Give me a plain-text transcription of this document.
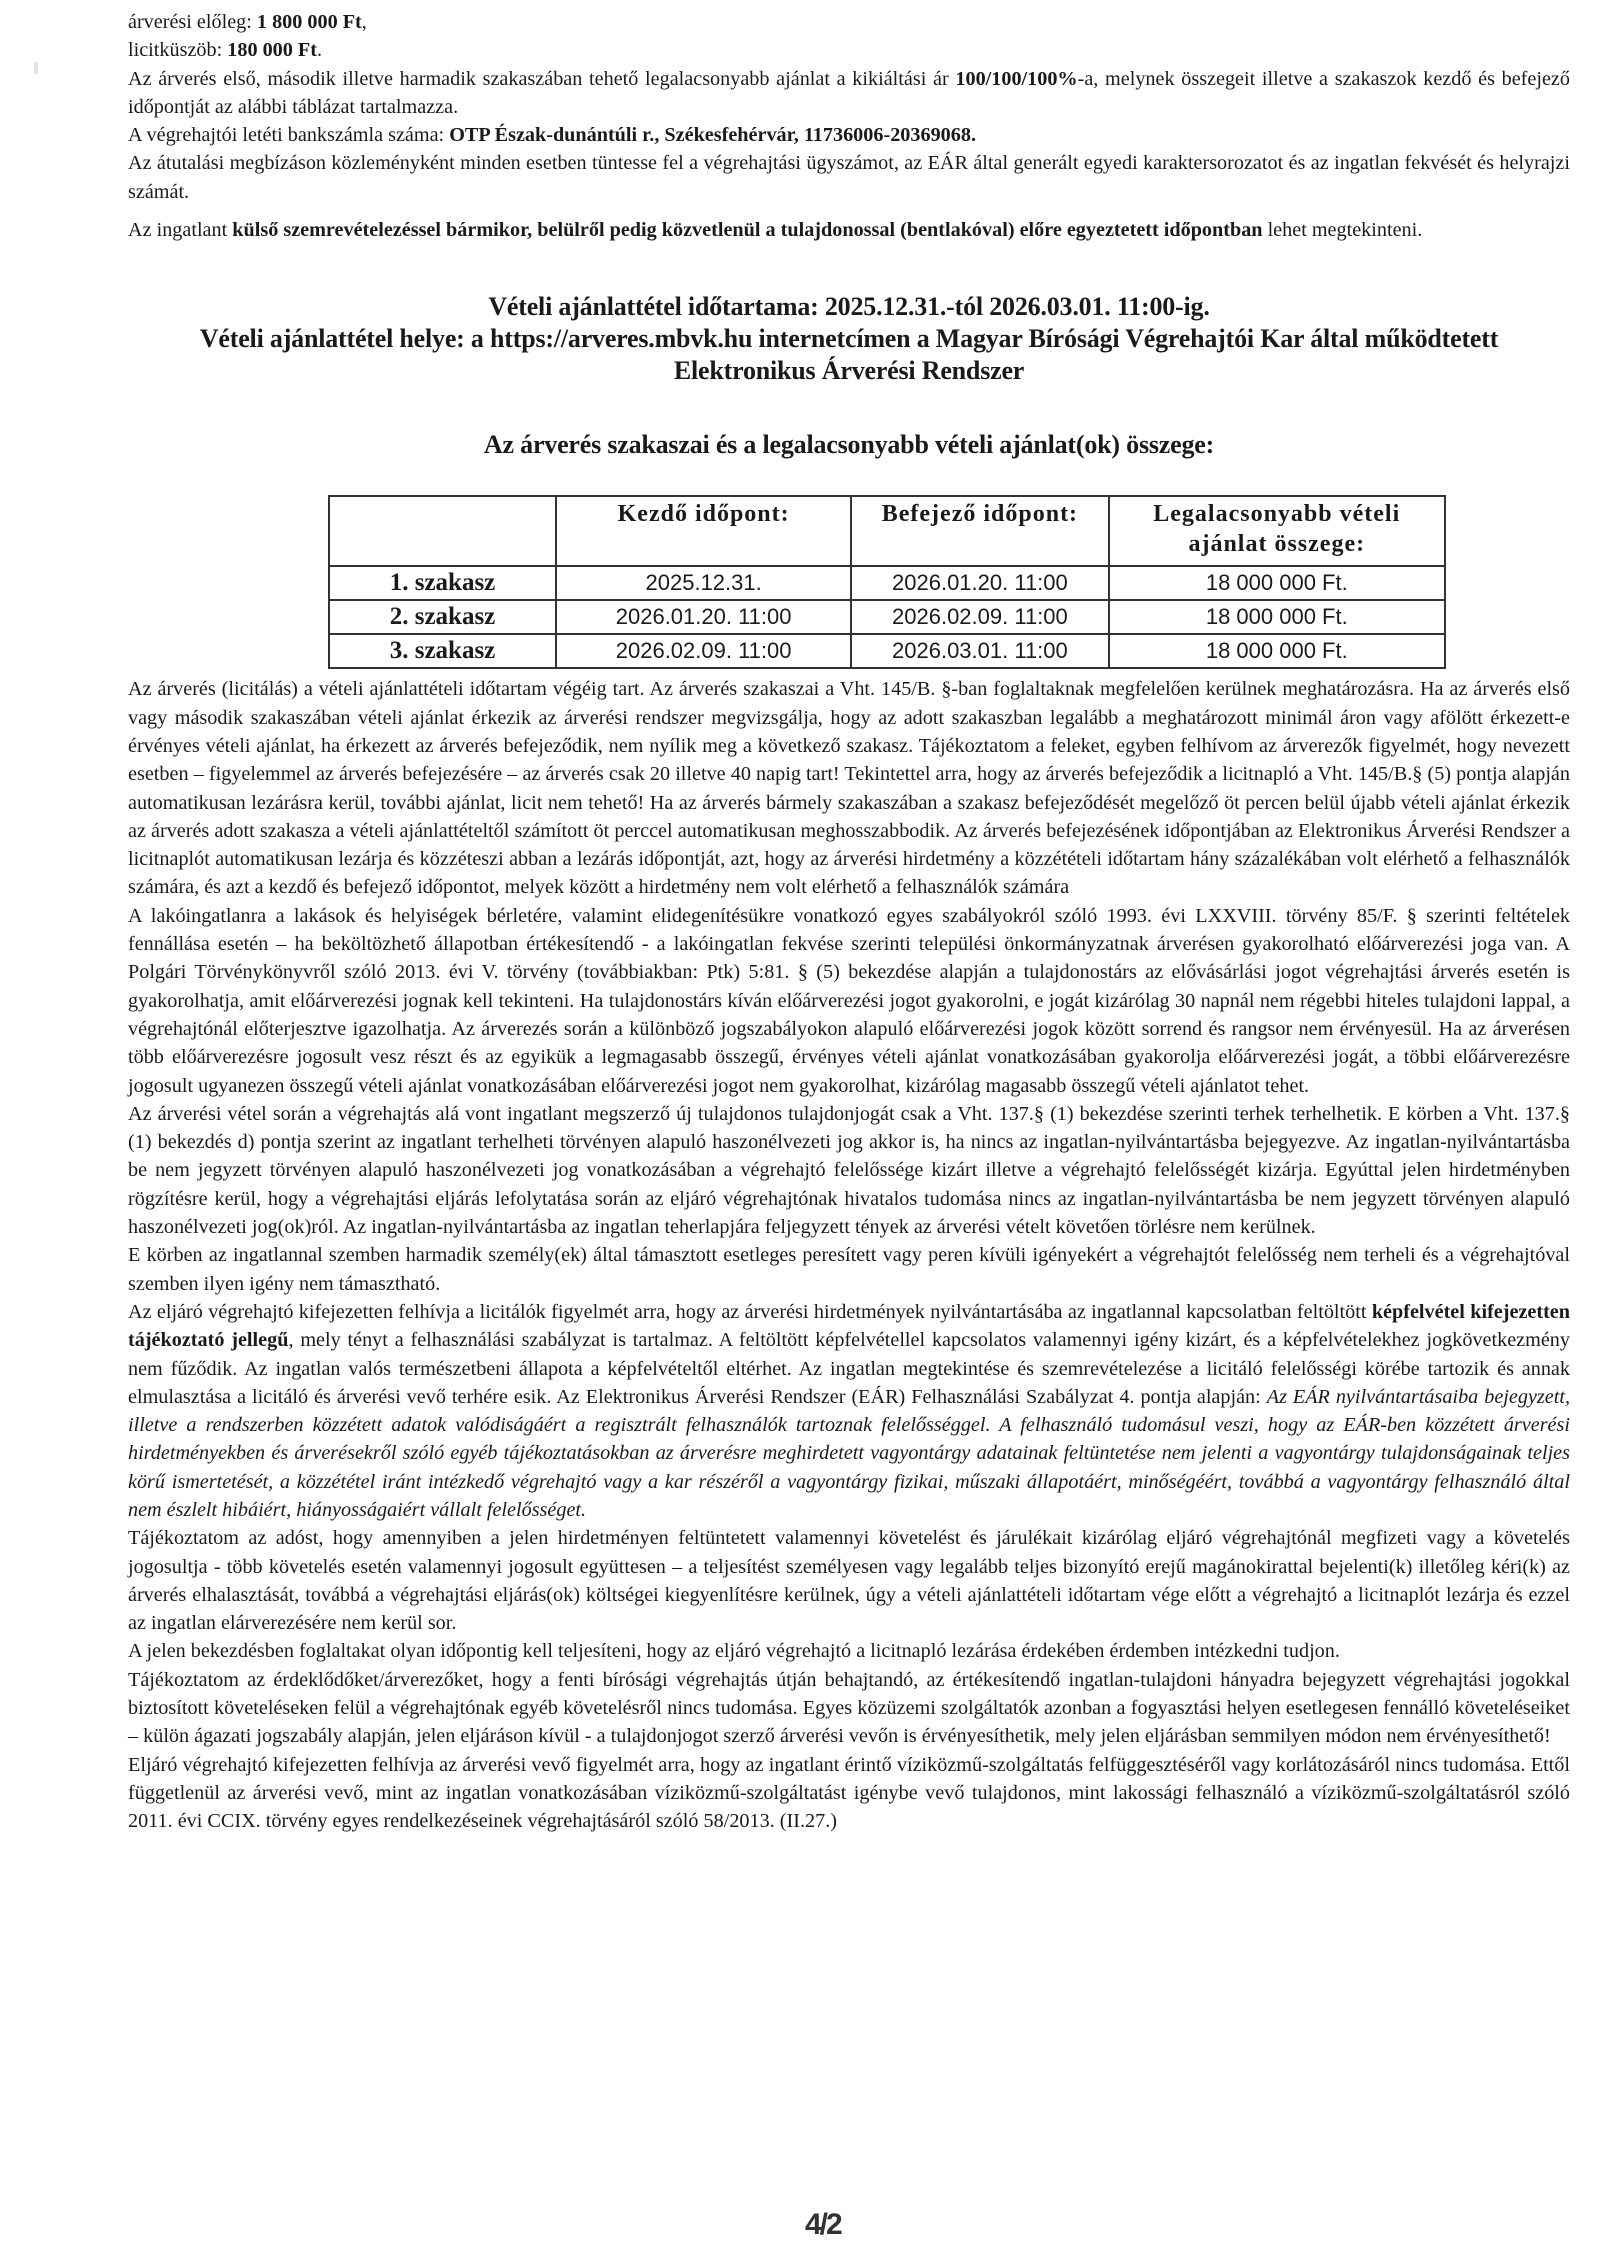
árverési előleg: 1 800 000 Ft,

licitküszöb: 180 000 Ft.

Az árverés első, második illetve harmadik szakaszában tehető legalacsonyabb ajánlat a kikiáltási ár 100/100/100%-a, melynek összegeit illetve a szakaszok kezdő és befejező időpontját az alábbi táblázat tartalmazza.

A végrehajtói letéti bankszámla száma: OTP Észak-dunántúli r., Székesfehérvár, 11736006-20369068.

Az átutalási megbízáson közleményként minden esetben tüntesse fel a végrehajtási ügyszámot, az EÁR által generált egyedi karaktersorozatot és az ingatlan fekvését és helyrajzi számát.

Az ingatlant külső szemrevételezéssel bármikor, belülről pedig közvetlenül a tulajdonossal (bentlakóval) előre egyeztetett időpontban lehet megtekinteni.

Vételi ajánlattétel időtartama: 2025.12.31.-tól 2026.03.01. 11:00-ig.
Vételi ajánlattétel helye: a https://arveres.mbvk.hu internetcímen a Magyar Bírósági Végrehajtói Kar által működtetett Elektronikus Árverési Rendszer
Az árverés szakaszai és a legalacsonyabb vételi ajánlat(ok) összege:
	Kezdő időpont:	Befejező időpont:	Legalacsonyabb vételi ajánlat összege:
1. szakasz	2025.12.31.	2026.01.20. 11:00	18 000 000 Ft.
2. szakasz	2026.01.20. 11:00	2026.02.09. 11:00	18 000 000 Ft.
3. szakasz	2026.02.09. 11:00	2026.03.01. 11:00	18 000 000 Ft.

Az árverés (licitálás) a vételi ajánlattételi időtartam végéig tart. Az árverés szakaszai a Vht. 145/B. §-ban foglaltaknak megfelelően kerülnek meghatározásra. Ha az árverés első vagy második szakaszában vételi ajánlat érkezik az árverési rendszer megvizsgálja, hogy az adott szakaszban legalább a meghatározott minimál áron vagy afölött érkezett-e érvényes vételi ajánlat, ha érkezett az árverés befejeződik, nem nyílik meg a következő szakasz. Tájékoztatom a feleket, egyben felhívom az árverezők figyelmét, hogy nevezett esetben – figyelemmel az árverés befejezésére – az árverés csak 20 illetve 40 napig tart! Tekintettel arra, hogy az árverés befejeződik a licitnapló a Vht. 145/B.§ (5) pontja alapján automatikusan lezárásra kerül, további ajánlat, licit nem tehető! Ha az árverés bármely szakaszában a szakasz befejeződését megelőző öt percen belül újabb vételi ajánlat érkezik az árverés adott szakasza a vételi ajánlattételtől számított öt perccel automatikusan meghosszabbodik. Az árverés befejezésének időpontjában az Elektronikus Árverési Rendszer a licitnaplót automatikusan lezárja és közzéteszi abban a lezárás időpontját, azt, hogy az árverési hirdetmény a közzétételi időtartam hány százalékában volt elérhető a felhasználók számára, és azt a kezdő és befejező időpontot, melyek között a hirdetmény nem volt elérhető a felhasználók számára

A lakóingatlanra a lakások és helyiségek bérletére, valamint elidegenítésükre vonatkozó egyes szabályokról szóló 1993. évi LXXVIII. törvény 85/F. § szerinti feltételek fennállása esetén – ha beköltözhető állapotban értékesítendő - a lakóingatlan fekvése szerinti települési önkormányzatnak árverésen gyakorolható előárverezési joga van. A Polgári Törvénykönyvről szóló 2013. évi V. törvény (továbbiakban: Ptk) 5:81. § (5) bekezdése alapján a tulajdonostárs az elővásárlási jogot végrehajtási árverés esetén is gyakorolhatja, amit előárverezési jognak kell tekinteni. Ha tulajdonostárs kíván előárverezési jogot gyakorolni, e jogát kizárólag 30 napnál nem régebbi hiteles tulajdoni lappal, a végrehajtónál előterjesztve igazolhatja. Az árverezés során a különböző jogszabályokon alapuló előárverezési jogok között sorrend és rangsor nem érvényesül. Ha az árverésen több előárverezésre jogosult vesz részt és az egyikük a legmagasabb összegű, érvényes vételi ajánlat vonatkozásában gyakorolja előárverezési jogát, a többi előárverezésre jogosult ugyanezen összegű vételi ajánlat vonatkozásában előárverezési jogot nem gyakorolhat, kizárólag magasabb összegű vételi ajánlatot tehet.

Az árverési vétel során a végrehajtás alá vont ingatlant megszerző új tulajdonos tulajdonjogát csak a Vht. 137.§ (1) bekezdése szerinti terhek terhelhetik. E körben a Vht. 137.§ (1) bekezdés d) pontja szerint az ingatlant terhelheti törvényen alapuló haszonélvezeti jog akkor is, ha nincs az ingatlan-nyilvántartásba bejegyezve. Az ingatlan-nyilvántartásba be nem jegyzett törvényen alapuló haszonélvezeti jog vonatkozásában a végrehajtó felelőssége kizárt illetve a végrehajtó felelősségét kizárja. Egyúttal jelen hirdetményben rögzítésre kerül, hogy a végrehajtási eljárás lefolytatása során az eljáró végrehajtónak hivatalos tudomása nincs az ingatlan-nyilvántartásba be nem jegyzett törvényen alapuló haszonélvezeti jog(ok)ról. Az ingatlan-nyilvántartásba az ingatlan teherlapjára feljegyzett tények az árverési vételt követően törlésre nem kerülnek.

E körben az ingatlannal szemben harmadik személy(ek) által támasztott esetleges peresített vagy peren kívüli igényekért a végrehajtót felelősség nem terheli és a végrehajtóval szemben ilyen igény nem támasztható.

Az eljáró végrehajtó kifejezetten felhívja a licitálók figyelmét arra, hogy az árverési hirdetmények nyilvántartásába az ingatlannal kapcsolatban feltöltött képfelvétel kifejezetten tájékoztató jellegű, mely tényt a felhasználási szabályzat is tartalmaz. A feltöltött képfelvétellel kapcsolatos valamennyi igény kizárt, és a képfelvételekhez jogkövetkezmény nem fűződik. Az ingatlan valós természetbeni állapota a képfelvételtől eltérhet. Az ingatlan megtekintése és szemrevételezése a licitáló felelősségi körébe tartozik és annak elmulasztása a licitáló és árverési vevő terhére esik. Az Elektronikus Árverési Rendszer (EÁR) Felhasználási Szabályzat 4. pontja alapján: Az EÁR nyilvántartásaiba bejegyzett, illetve a rendszerben közzétett adatok valódiságáért a regisztrált felhasználók tartoznak felelősséggel. A felhasználó tudomásul veszi, hogy az EÁR-ben közzétett árverési hirdetményekben és árverésekről szóló egyéb tájékoztatásokban az árverésre meghirdetett vagyontárgy adatainak feltüntetése nem jelenti a vagyontárgy tulajdonságainak teljes körű ismertetését, a közzététel iránt intézkedő végrehajtó vagy a kar részéről a vagyontárgy fizikai, műszaki állapotáért, minőségéért, továbbá a vagyontárgy felhasználó által nem észlelt hibáiért, hiányosságaiért vállalt felelősséget.

Tájékoztatom az adóst, hogy amennyiben a jelen hirdetményen feltüntetett valamennyi követelést és járulékait kizárólag eljáró végrehajtónál megfizeti vagy a követelés jogosultja - több követelés esetén valamennyi jogosult együttesen – a teljesítést személyesen vagy legalább teljes bizonyító erejű magánokirattal bejelenti(k) illetőleg kéri(k) az árverés elhalasztását, továbbá a végrehajtási eljárás(ok) költségei kiegyenlítésre kerülnek, úgy a vételi ajánlattételi időtartam vége előtt a végrehajtó a licitnaplót lezárja és ezzel az ingatlan elárverezésére nem kerül sor.

A jelen bekezdésben foglaltakat olyan időpontig kell teljesíteni, hogy az eljáró végrehajtó a licitnapló lezárása érdekében érdemben intézkedni tudjon.

Tájékoztatom az érdeklődőket/árverezőket, hogy a fenti bírósági végrehajtás útján behajtandó, az értékesítendő ingatlan-tulajdoni hányadra bejegyzett végrehajtási jogokkal biztosított követeléseken felül a végrehajtónak egyéb követelésről nincs tudomása. Egyes közüzemi szolgáltatók azonban a fogyasztási helyen esetlegesen fennálló követeléseiket – külön ágazati jogszabály alapján, jelen eljáráson kívül - a tulajdonjogot szerző árverési vevőn is érvényesíthetik, mely jelen eljárásban semmilyen módon nem érvényesíthető!

Eljáró végrehajtó kifejezetten felhívja az árverési vevő figyelmét arra, hogy az ingatlant érintő víziközmű-szolgáltatás felfüggesztéséről vagy korlátozásáról nincs tudomása. Ettől függetlenül az árverési vevő, mint az ingatlan vonatkozásában víziközmű-szolgáltatást igénybe vevő tulajdonos, mint lakossági felhasználó a víziközmű-szolgáltatásról szóló 2011. évi CCIX. törvény egyes rendelkezéseinek végrehajtásáról szóló 58/2013. (II.27.)

4/2
